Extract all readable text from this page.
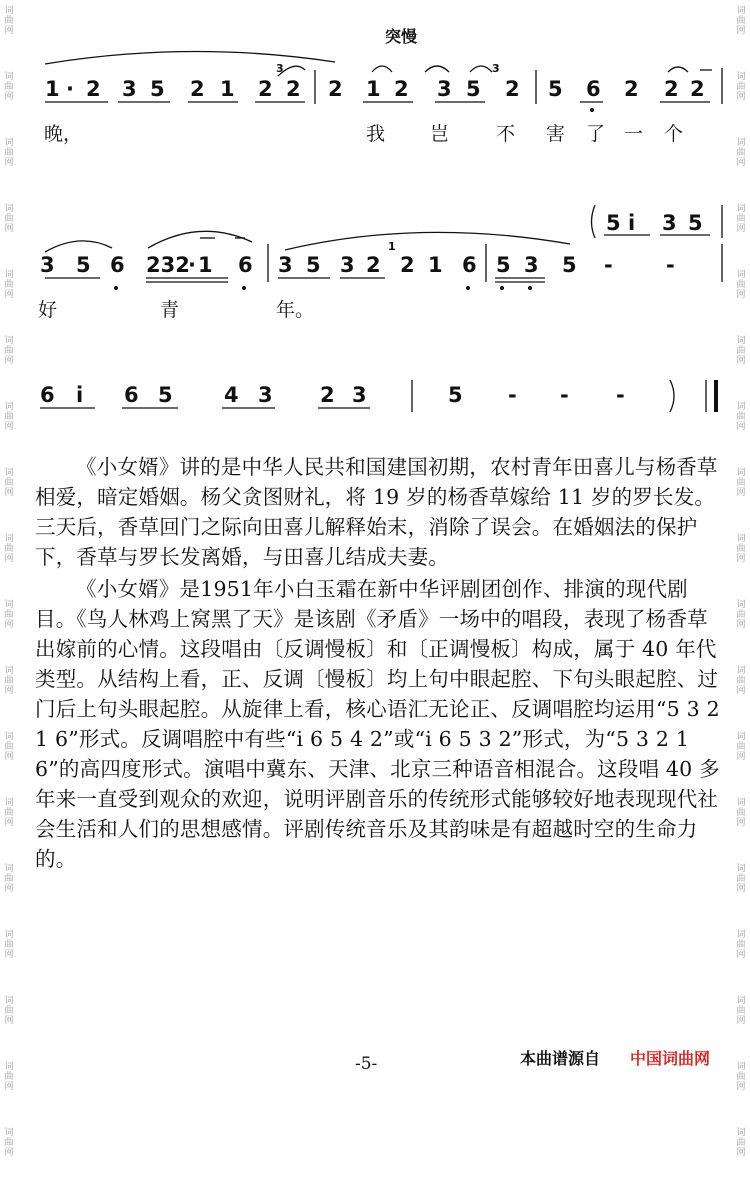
词
曲
网
词
曲
网
词
曲
网
词
曲
网
词
曲
网
词
曲
网
词
曲
网
词
曲
网
词
曲
网
词
曲
网
词
曲
网
词
曲
网
词
曲
网
词
曲
网
词
曲
网
词
曲
网
词
曲
网
词
曲
网
词
曲
网
词
曲
网
词
曲
网
词
曲
网
词
曲
网
词
曲
网
词
曲
网
词
曲
网
词
曲
网
词
曲
网
词
曲
网
词
曲
网
词
曲
网
词
曲
网
词
曲
网
词
曲
网
词
曲
网
词
曲
网
突慢
1 · 2 3 5 2 1 2 2
3
2 1 2 3 5 2
3
5 6 2 2 2
3 5 6 232
· 1 6 3 5 3 2
1
2 1 6 5 3 5 -	-
5 i 3 5
6 i 6 5 4 3 2 3	5 - - -
晚，	我 岂 不 害 了 一 个
好	青	年。

《小女婿》讲的是中华人民共和国建国初期，农村青年田喜儿与杨香草相爱，暗定婚姻。杨父贪图财礼，将 19 岁的杨香草嫁给 11 岁的罗长发。三天后，香草回门之际向田喜儿解释始末，消除了误会。在婚姻法的保护下，香草与罗长发离婚，与田喜儿结成夫妻。

《小女婿》是1951年小白玉霜在新中华评剧团创作、排演的现代剧目。《鸟人林鸡上窝黑了天》是该剧《矛盾》一场中的唱段，表现了杨香草出嫁前的心情。这段唱由〔反调慢板〕和〔正调慢板〕构成，属于 40 年代类型。从结构上看，正、反调〔慢板〕均上句中眼起腔、下句头眼起腔、过门后上句头眼起腔。从旋律上看，核心语汇无论正、反调唱腔均运用“5 3 2 1 6”形式。反调唱腔中有些“i 6 5 4 2”或“i 6 5 3 2”形式，为“5 3 2 1 6”的高四度形式。演唱中冀东、天津、北京三种语音相混合。这段唱 40 多年来一直受到观众的欢迎，说明评剧音乐的传统形式能够较好地表现现代社会生活和人们的思想感情。评剧传统音乐及其韵味是有超越时空的生命力的。

-5-	本曲谱源自 中国词曲网
